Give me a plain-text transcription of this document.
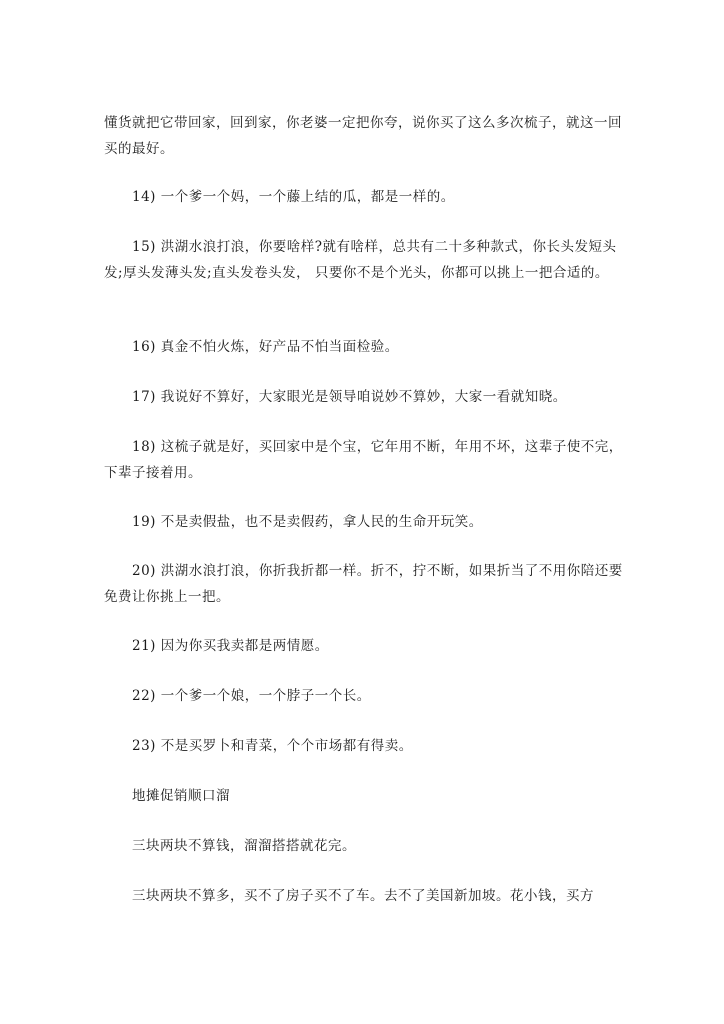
懂货就把它带回家，回到家，你老婆一定把你夸，说你买了这么多次梳子，就这一回买的最好。

14) 一个爹一个妈，一个藤上结的瓜，都是一样的。

15) 洪湖水浪打浪，你要啥样?就有啥样，总共有二十多种款式，你长头发短头发;厚头发薄头发;直头发卷头发， 只要你不是个光头，你都可以挑上一把合适的。

16) 真金不怕火炼，好产品不怕当面检验。

17) 我说好不算好，大家眼光是领导咱说妙不算妙，大家一看就知晓。

18) 这梳子就是好，买回家中是个宝，它年用不断，年用不坏，这辈子使不完，下辈子接着用。

19) 不是卖假盐，也不是卖假药，拿人民的生命开玩笑。

20) 洪湖水浪打浪，你折我折都一样。折不，拧不断，如果折当了不用你陪还要免费让你挑上一把。

21) 因为你买我卖都是两情愿。

22) 一个爹一个娘，一个脖子一个长。

23) 不是买罗卜和青菜，个个市场都有得卖。

地摊促销顺口溜

三块两块不算钱，溜溜搭搭就花完。

三块两块不算多，买不了房子买不了车。去不了美国新加坡。花小钱，买方
